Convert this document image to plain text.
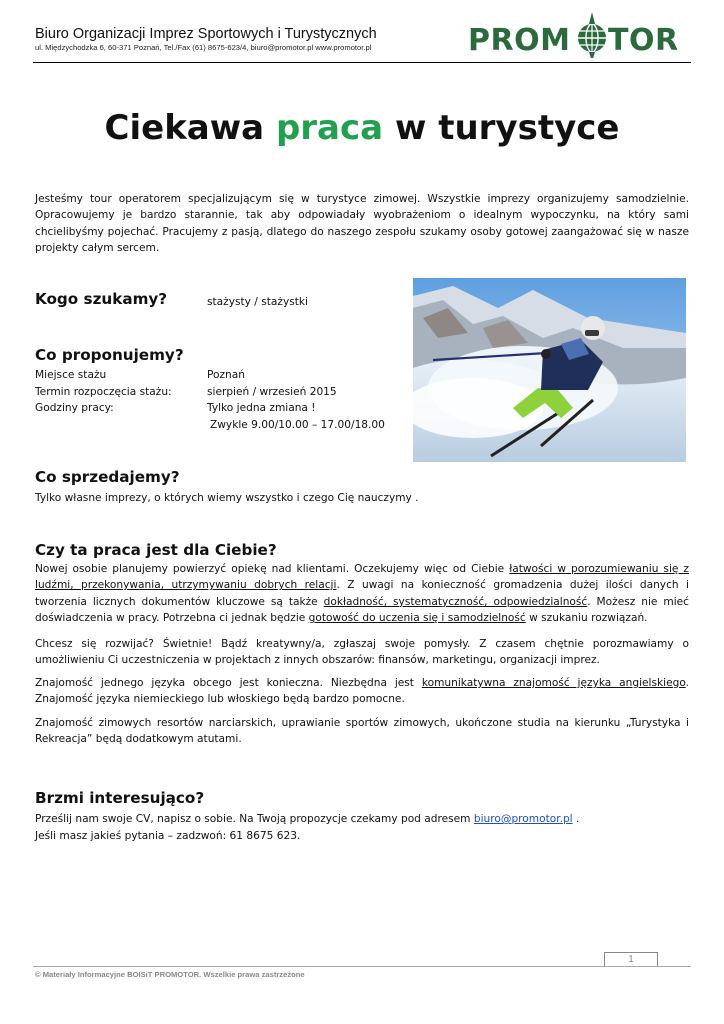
Biuro Organizacji Imprez Sportowych i Turystycznych
ul. Międzychodzka 6, 60-371 Poznań, Tel./Fax (61) 8675-623/4, biuro@promotor.pl www.promotor.pl	PROM TOR
Ciekawa praca w turystyce
Jesteśmy tour operatorem specjalizującym się w turystyce zimowej. Wszystkie imprezy organizujemy samodzielnie. Opracowujemy je bardzo starannie, tak aby odpowiadały wyobrażeniom o idealnym wypoczynku, na który sami chcielibyśmy pojechać. Pracujemy z pasją, dlatego do naszego zespołu szukamy osoby gotowej zaangażować się w nasze projekty całym sercem.
Kogo szukamy?	stażysty / stażystki
Co proponujemy?
Miejsce stażu	Poznań
Termin rozpoczęcia stażu:	sierpień / wrzesień 2015
Godziny pracy:	Tylko jedna zmiana !
Zwykle 9.00/10.00 – 17.00/18.00
Co sprzedajemy?
Tylko własne imprezy, o których wiemy wszystko i czego Cię nauczymy .
Czy ta praca jest dla Ciebie?
Nowej osobie planujemy powierzyć opiekę nad klientami. Oczekujemy więc od Ciebie łatwości w porozumiewaniu się z ludźmi, przekonywania, utrzymywaniu dobrych relacji. Z uwagi na konieczność gromadzenia dużej ilości danych i tworzenia licznych dokumentów kluczowe są także dokładność, systematyczność, odpowiedzialność. Możesz nie mieć doświadczenia w pracy. Potrzebna ci jednak będzie gotowość do uczenia się i samodzielność w szukaniu rozwiązań.
Chcesz się rozwijać? Świetnie! Bądź kreatywny/a, zgłaszaj swoje pomysły. Z czasem chętnie porozmawiamy o umożliwieniu Ci uczestniczenia w projektach z innych obszarów: finansów, marketingu, organizacji imprez.
Znajomość jednego języka obcego jest konieczna. Niezbędna jest komunikatywna znajomość języka angielskiego. Znajomość języka niemieckiego lub włoskiego będą bardzo pomocne.
Znajomość zimowych resortów narciarskich, uprawianie sportów zimowych, ukończone studia na kierunku „Turystyka i Rekreacja” będą dodatkowym atutami.
Brzmi interesująco?
Prześlij nam swoje CV, napisz o sobie. Na Twoją propozycje czekamy pod adresem biuro@promotor.pl .
Jeśli masz jakieś pytania – zadzwoń: 61 8675 623.
1
© Materiały Informacyjne BOISiT PROMOTOR. Wszelkie prawa zastrzeżone
